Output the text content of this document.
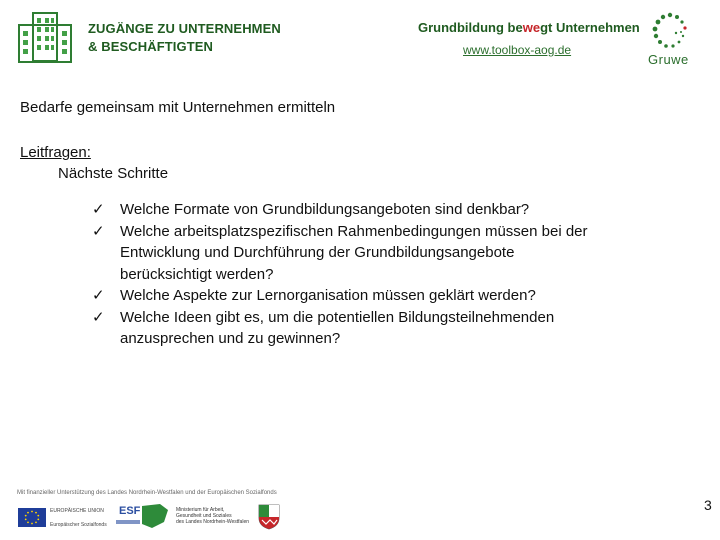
ZUGÄNGE ZU UNTERNEHMEN
& BESCHÄFTIGTEN
Grundbildung bewegt Unternehmen
www.toolbox-aog.de
Gruwe
Bedarfe gemeinsam mit Unternehmen ermitteln
Leitfragen:
Nächste Schritte
✓ Welche Formate von Grundbildungsangeboten sind denkbar?
✓ Welche arbeitsplatzspezifischen Rahmenbedingungen müssen bei der Entwicklung und Durchführung der Grundbildungsangebote berücksichtigt werden?
✓ Welche Aspekte zur Lernorganisation müssen geklärt werden?
✓ Welche Ideen gibt es, um die potentiellen Bildungsteilnehmenden anzusprechen und zu gewinnen?
Mit finanzieller Unterstützung des Landes Nordrhein-Westfalen und der Europäischen Sozialfonds
EUROPÄISCHE UNION
Europäischer Sozialfonds
ESF	Ministerium für Arbeit,
Gesundheit und Soziales
des Landes Nordrhein-Westfalen
3
